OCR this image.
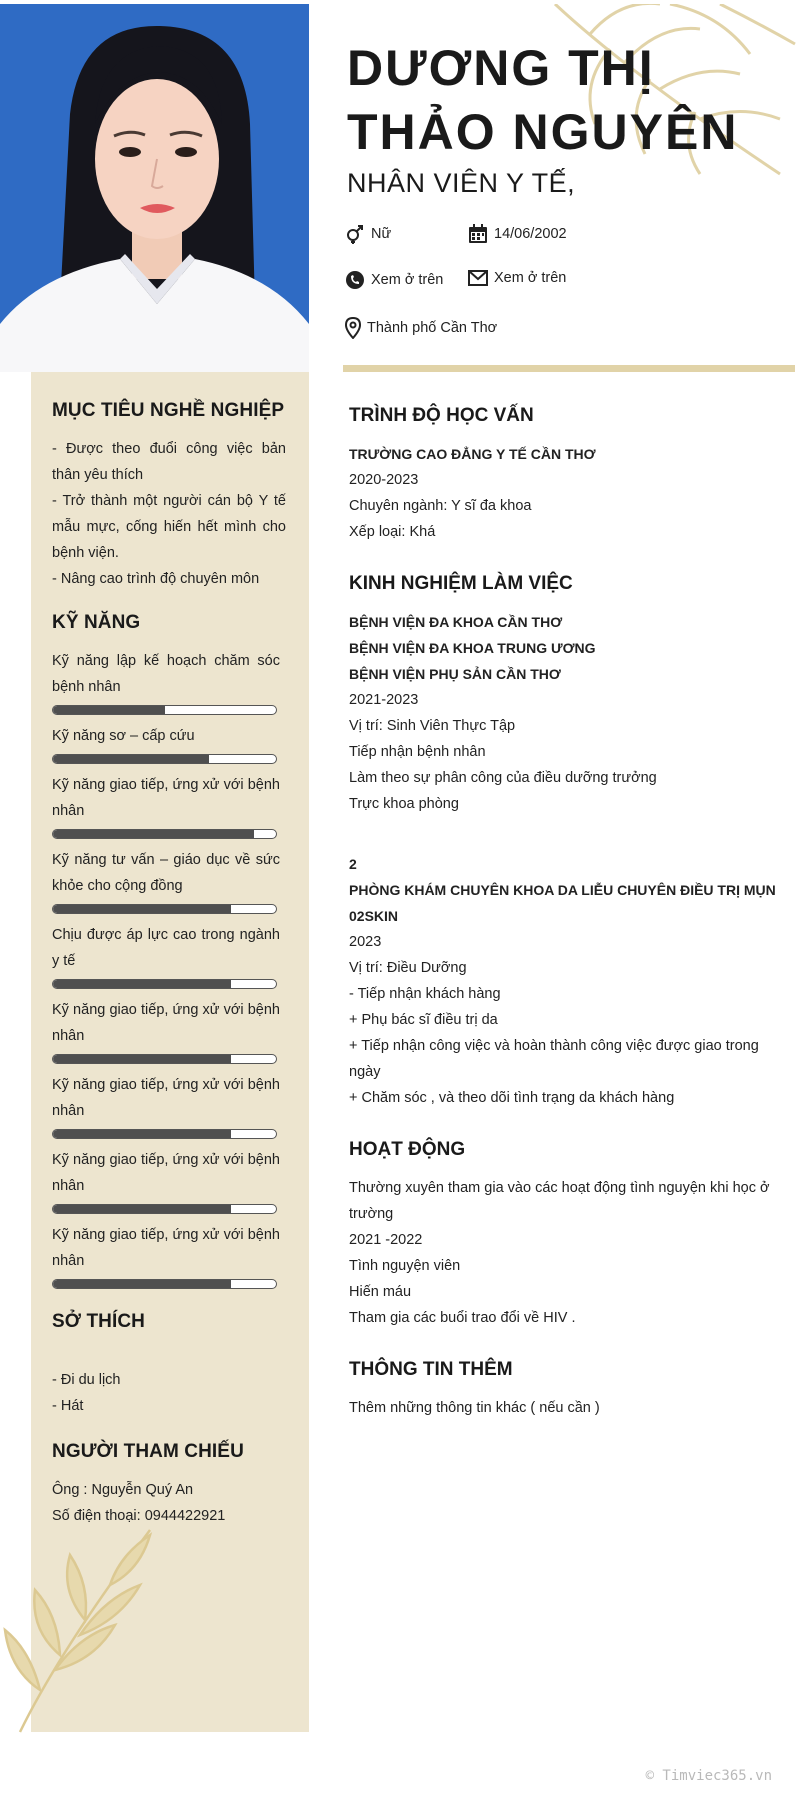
MỤC TIÊU NGHỀ NGHIỆP
- Được theo đuổi công việc bản thân yêu thích
- Trở thành một người cán bộ Y tế mẫu mực, cống hiến hết mình cho bệnh viện.
- Nâng cao trình độ chuyên môn
KỸ NĂNG
Kỹ năng lập kế hoạch chăm sóc bệnh nhân
Kỹ năng sơ – cấp cứu
Kỹ năng giao tiếp, ứng xử với bệnh nhân
Kỹ năng tư vấn – giáo dục về sức khỏe cho cộng đồng
Chịu được áp lực cao trong ngành y tế
Kỹ năng giao tiếp, ứng xử với bệnh nhân
Kỹ năng giao tiếp, ứng xử với bệnh nhân
Kỹ năng giao tiếp, ứng xử với bệnh nhân
Kỹ năng giao tiếp, ứng xử với bệnh nhân
SỞ THÍCH
- Đi du lịch
- Hát
NGƯỜI THAM CHIẾU
Ông : Nguyễn Quý An
Số điện thoại: 0944422921
DƯƠNG THỊ
THẢO NGUYÊN
NHÂN VIÊN Y TẾ,
Nữ	14/06/2002
Xem ở trên	Xem ở trên
Thành phố Cần Thơ
TRÌNH ĐỘ HỌC VẤN
TRƯỜNG CAO ĐẲNG Y TẾ CẦN THƠ
2020-2023
Chuyên ngành: Y sĩ đa khoa
Xếp loại: Khá
KINH NGHIỆM LÀM VIỆC
BỆNH VIỆN ĐA KHOA CẦN THƠ
BỆNH VIỆN ĐA KHOA TRUNG ƯƠNG
BỆNH VIỆN PHỤ SẢN CẦN THƠ
2021-2023
Vị trí: Sinh Viên Thực Tập
Tiếp nhận bệnh nhân
Làm theo sự phân công của điều dưỡng trưởng
Trực khoa phòng
2
PHÒNG KHÁM CHUYÊN KHOA DA LIỄU CHUYÊN ĐIỀU TRỊ MỤN 02SKIN
2023
Vị trí: Điều Dưỡng
- Tiếp nhận khách hàng
+ Phụ bác sĩ điều trị da
+ Tiếp nhận công việc và hoàn thành công việc được giao trong ngày
+ Chăm sóc , và theo dõi tình trạng da khách hàng
HOẠT ĐỘNG
Thường xuyên tham gia vào các hoạt động tình nguyện khi học ở trường
2021 -2022
Tình nguyện viên
Hiến máu
Tham gia các buổi trao đổi về HIV .
THÔNG TIN THÊM
Thêm những thông tin khác ( nếu cần )
© Timviec365.vn
